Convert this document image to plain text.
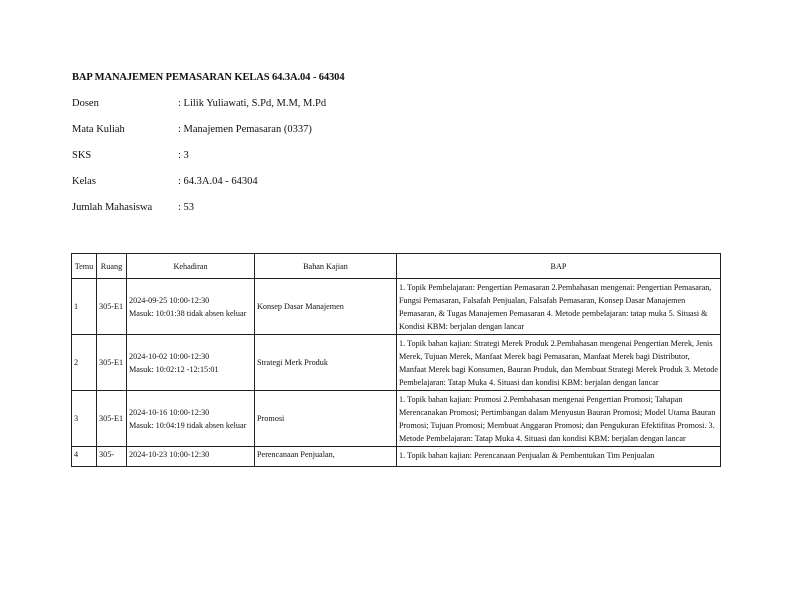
BAP MANAJEMEN PEMASARAN KELAS 64.3A.04 - 64304
Dosen	: Lilik Yuliawati, S.Pd, M.M, M.Pd
Mata Kuliah	: Manajemen Pemasaran (0337)
SKS	: 3
Kelas	: 64.3A.04 - 64304
Jumlah Mahasiswa : 53
Temu	Ruang	Kehadiran	Bahan Kajian	BAP
1	305-E1	2024-09-25 10:00-12:30
Masuk: 10:01:38 tidak absen keluar	Konsep Dasar Manajemen	1. Topik Pembelajaran: Pengertian Pemasaran 2.Pembahasan mengenai: Pengertian Pemasaran, Fungsi Pemasaran, Falsafah Penjualan, Falsafah Pemasaran, Konsep Dasar Manajemen Pemasaran, & Tugas Manajemen Pemasaran 4. Metode pembelajaran: tatap muka 5. Situasi & Kondisi KBM: berjalan dengan lancar
2	305-E1	2024-10-02 10:00-12:30
Masuk: 10:02:12 -12:15:01	Strategi Merk Produk	1. Topik bahan kajian: Strategi Merek Produk 2.Pembahasan mengenai Pengertian Merek, Jenis Merek, Tujuan Merek, Manfaat Merek bagi Pemasaran, Manfaat Merek bagi Distributor, Manfaat Merek bagi Konsumen, Bauran Produk, dan Membuat Strategi Merek Produk 3. Metode Pembelajaran: Tatap Muka 4. Situasi dan kondisi KBM: berjalan dengan lancar
3	305-E1	2024-10-16 10:00-12:30
Masuk: 10:04:19 tidak absen keluar	Promosi	1. Topik bahan kajian: Promosi 2.Pembahasan mengenai Pengertian Promosi; Tahapan Merencanakan Promosi; Pertimbangan dalam Menyusun Bauran Promosi; Model Utama Bauran Promosi; Tujuan Promosi; Membuat Anggaran Promosi; dan Pengukuran Efektifitas Promosi. 3. Metode Pembelajaran: Tatap Muka 4. Situasi dan kondisi KBM: berjalan dengan lancar
4	305-	2024-10-23 10:00-12:30	Perencanaan Penjualan,	1. Topik bahan kajian: Perencanaan Penjualan & Pembentukan Tim Penjualan
